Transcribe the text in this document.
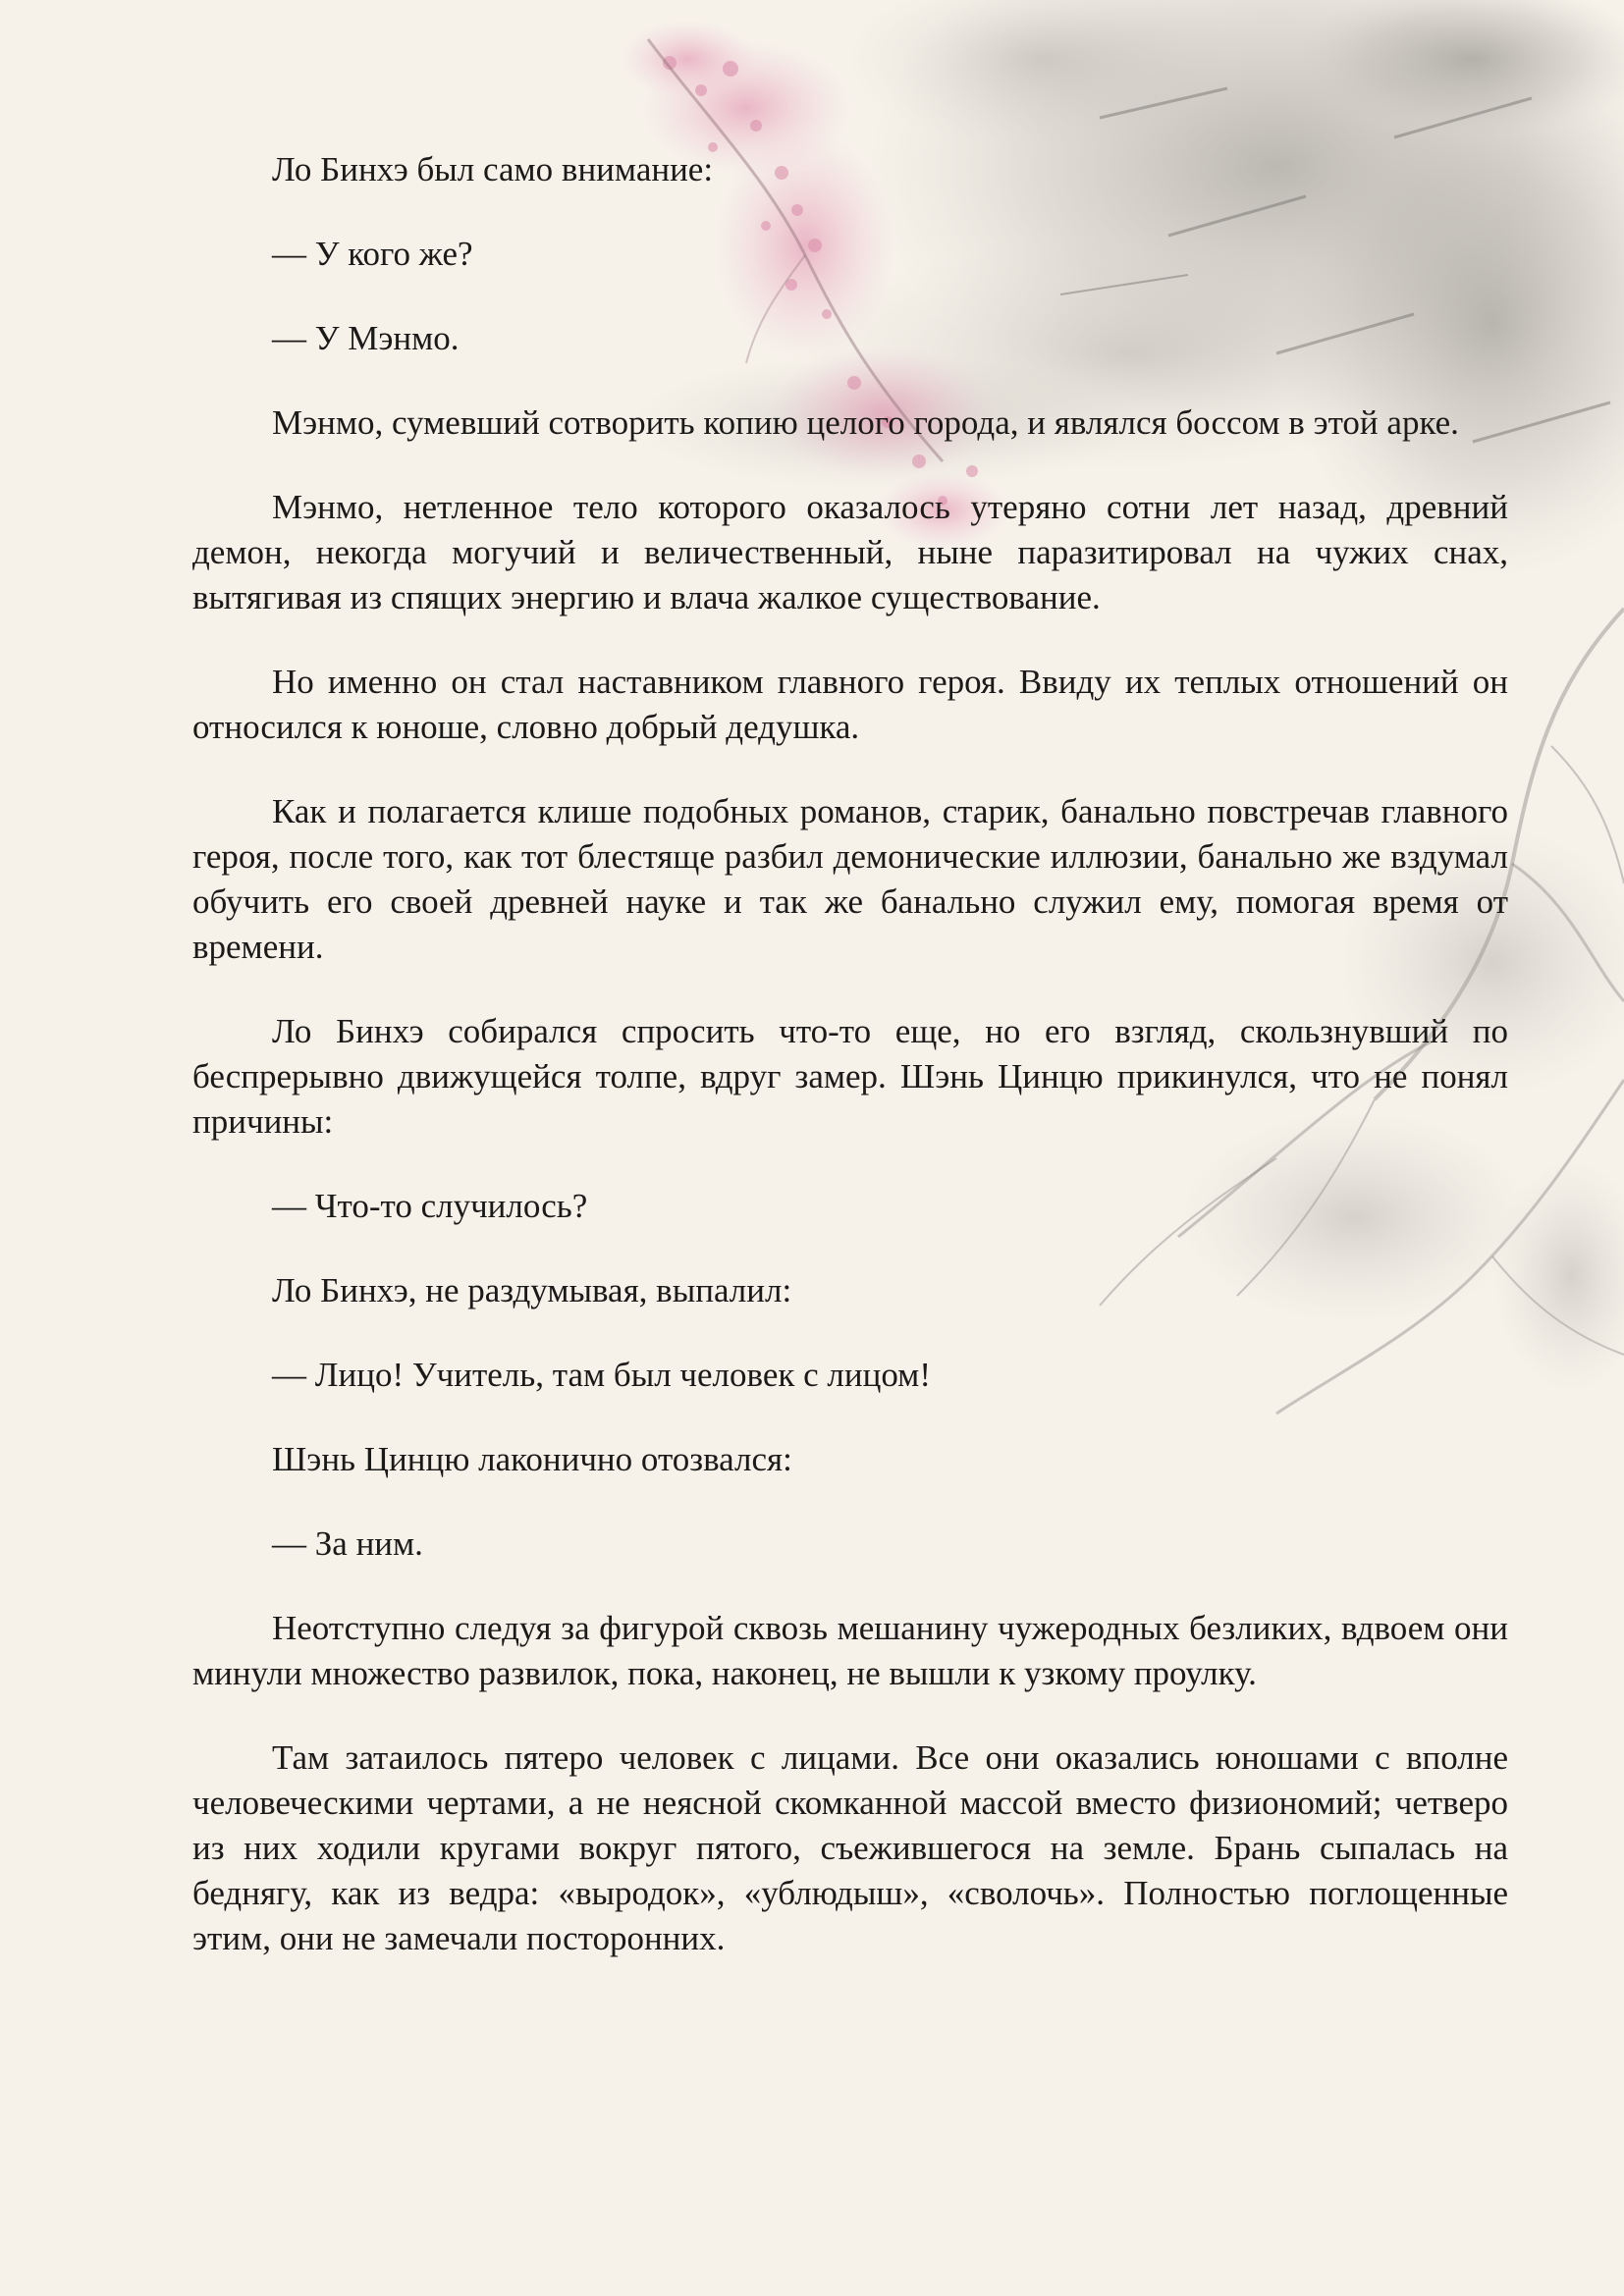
Ло Бинхэ был само внимание:

— У кого же?

— У Мэнмо.

Мэнмо, сумевший сотворить копию целого города, и являлся боссом в этой арке.

Мэнмо, нетленное тело которого оказалось утеряно сотни лет назад, древний демон, некогда могучий и величественный, ныне паразитировал на чужих снах, вытягивая из спящих энергию и влача жалкое существование.

Но именно он стал наставником главного героя. Ввиду их теплых отношений он относился к юноше, словно добрый дедушка.

Как и полагается клише подобных романов, старик, банально повстречав главного героя, после того, как тот блестяще разбил демонические иллюзии, банально же вздумал обучить его своей древней науке и так же банально служил ему, помогая время от времени.

Ло Бинхэ собирался спросить что-то еще, но его взгляд, скользнувший по беспрерывно движущейся толпе, вдруг замер. Шэнь Цинцю прикинулся, что не понял причины:

— Что-то случилось?

Ло Бинхэ, не раздумывая, выпалил:

— Лицо! Учитель, там был человек с лицом!

Шэнь Цинцю лаконично отозвался:

— За ним.

Неотступно следуя за фигурой сквозь мешанину чужеродных безликих, вдвоем они минули множество развилок, пока, наконец, не вышли к узкому проулку.

Там затаилось пятеро человек с лицами. Все они оказались юношами с вполне человеческими чертами, а не неясной скомканной массой вместо физиономий; четверо из них ходили кругами вокруг пятого, съежившегося на земле. Брань сыпалась на беднягу, как из ведра: «выродок», «ублюдыш», «сволочь». Полностью поглощенные этим, они не замечали посторонних.
